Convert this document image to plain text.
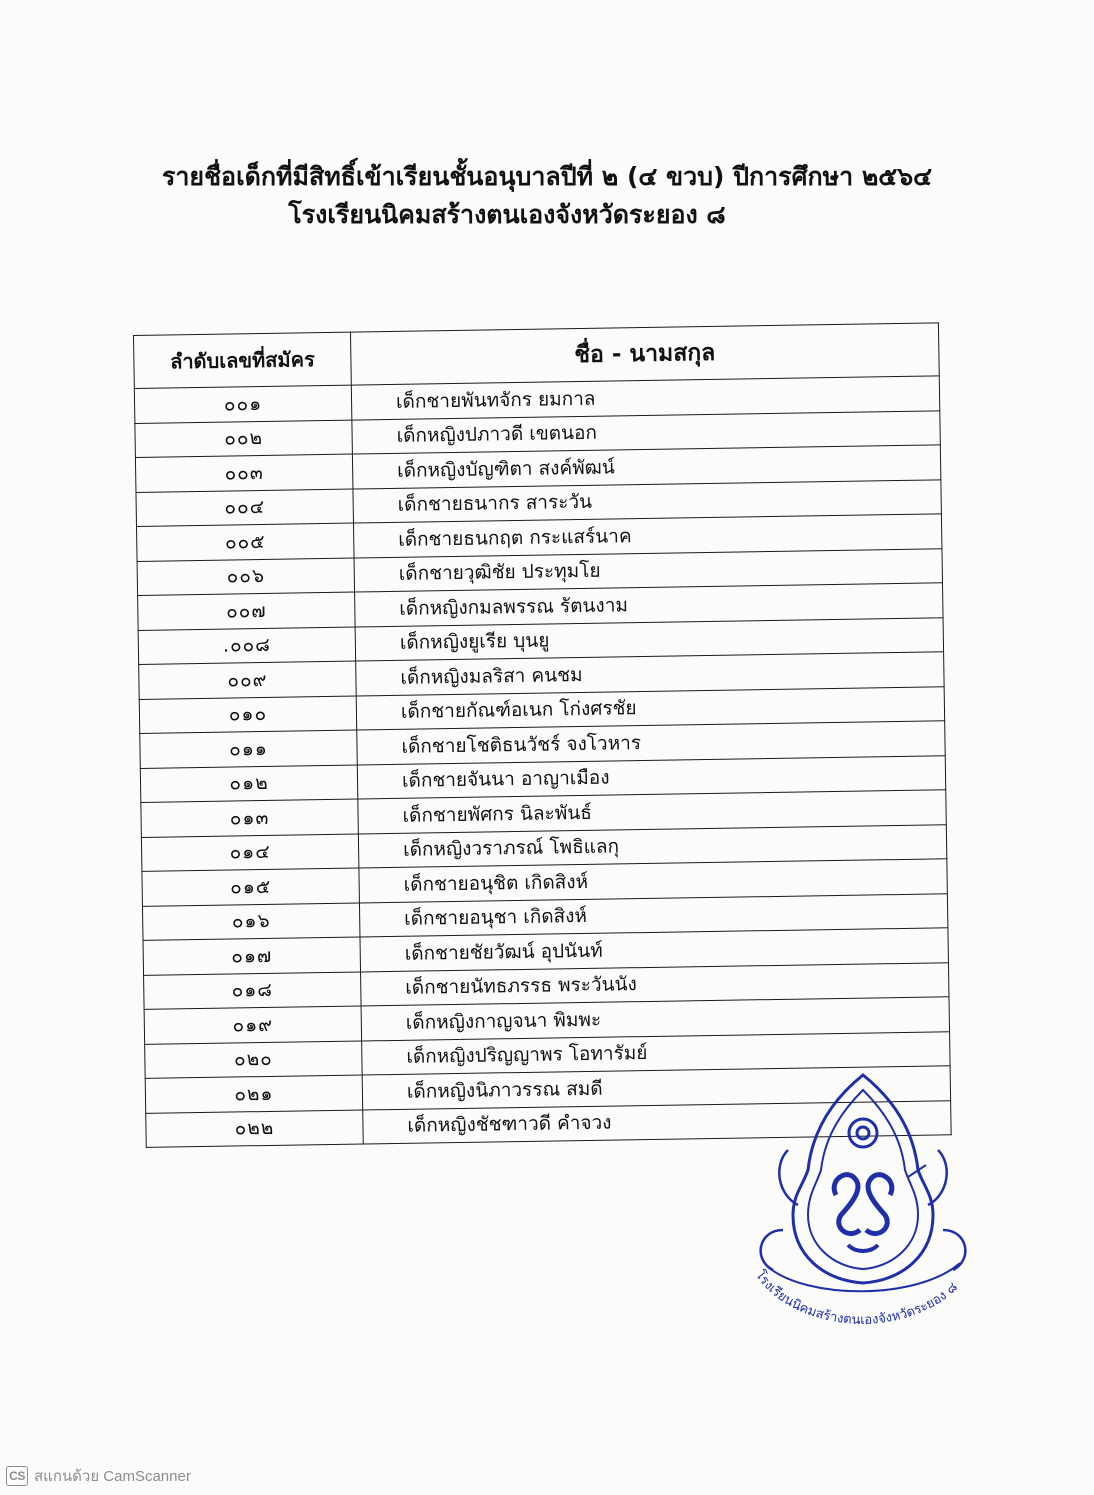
รายชื่อเด็กที่มีสิทธิ์เข้าเรียนชั้นอนุบาลปีที่ ๒ (๔ ขวบ) ปีการศึกษา ๒๕๖๔
โรงเรียนนิคมสร้างตนเองจังหวัดระยอง ๘
ลำดับเลขที่สมัคร	ชื่อ - นามสกุล
๐๐๑	เด็กชายพันทจักร ยมกาล
๐๐๒	เด็กหญิงปภาวดี เขตนอก
๐๐๓	เด็กหญิงบัญฑิตา สงค์พัฒน์
๐๐๔	เด็กชายธนากร สาระวัน
๐๐๕	เด็กชายธนกฤต กระแสร์นาค
๐๐๖	เด็กชายวุฒิชัย ประทุมโย
๐๐๗	เด็กหญิงกมลพรรณ รัตนงาม
.๐๐๘	เด็กหญิงยูเรีย บุนยู
๐๐๙	เด็กหญิงมลริสา คนชม
๐๑๐	เด็กชายกัณฑ์อเนก โก่งศรชัย
๐๑๑	เด็กชายโชติธนวัชร์ จงโวหาร
๐๑๒	เด็กชายจันนา อาญาเมือง
๐๑๓	เด็กชายพัศกร นิละพันธ์
๐๑๔	เด็กหญิงวราภรณ์ โพธิแลกุ
๐๑๕	เด็กชายอนุชิต เกิดสิงห์
๐๑๖	เด็กชายอนุชา เกิดสิงห์
๐๑๗	เด็กชายชัยวัฒน์ อุปนันท์
๐๑๘	เด็กชายนัทธภรรธ พระวันนัง
๐๑๙	เด็กหญิงกาญจนา พิมพะ
๐๒๐	เด็กหญิงปริญญาพร โอทารัมย์
๐๒๑	เด็กหญิงนิภาวรรณ สมดี
๐๒๒	เด็กหญิงชัชฑาวดี คำจวง
โรงเรียนนิคมสร้างตนเองจังหวัดระยอง ๘
CS สแกนด้วย CamScanner
